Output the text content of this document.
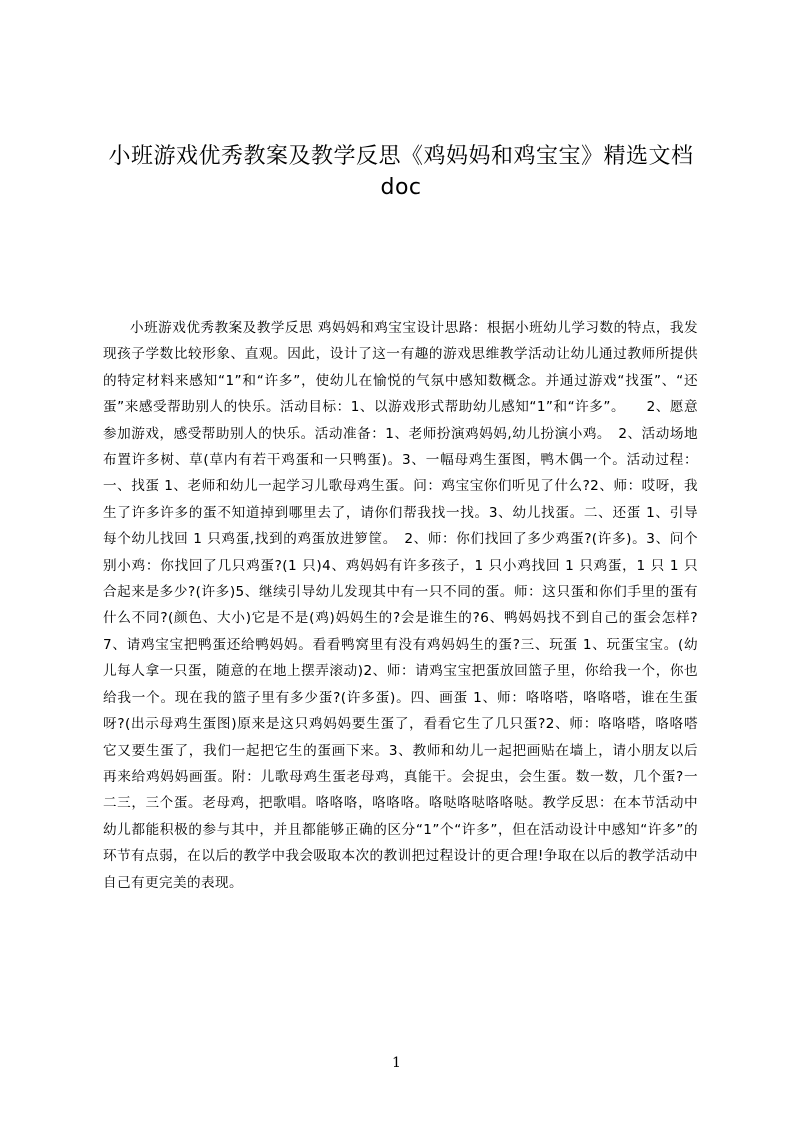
小班游戏优秀教案及教学反思《鸡妈妈和鸡宝宝》精选文档doc

小班游戏优秀教案及教学反思 鸡妈妈和鸡宝宝设计思路：根据小班幼儿学习数的特点，我发现孩子学数比较形象、直观。因此，设计了这一有趣的游戏思维教学活动让幼儿通过教师所提供的特定材料来感知“1”和“许多”，使幼儿在愉悦的气氛中感知数概念。并通过游戏“找蛋”、“还蛋”来感受帮助别人的快乐。活动目标：1、以游戏形式帮助幼儿感知“1”和“许多”。　　2、愿意参加游戏，感受帮助别人的快乐。活动准备：1、老师扮演鸡妈妈,幼儿扮演小鸡。　2、活动场地布置许多树、草(草内有若干鸡蛋和一只鸭蛋)。3、一幅母鸡生蛋图，鸭木偶一个。活动过程：一、找蛋 1、老师和幼儿一起学习儿歌母鸡生蛋。问：鸡宝宝你们听见了什么?2、师：哎呀，我生了许多许多的蛋不知道掉到哪里去了，请你们帮我找一找。3、幼儿找蛋。二、还蛋 1、引导每个幼儿找回 1 只鸡蛋,找到的鸡蛋放进箩筐。　2、师：你们找回了多少鸡蛋?(许多)。3、问个别小鸡：你找回了几只鸡蛋?(1 只)4、鸡妈妈有许多孩子，1 只小鸡找回 1 只鸡蛋，1 只 1 只合起来是多少?(许多)5、继续引导幼儿发现其中有一只不同的蛋。师：这只蛋和你们手里的蛋有什么不同?(颜色、大小)它是不是(鸡)妈妈生的?会是谁生的?6、鸭妈妈找不到自己的蛋会怎样?7、请鸡宝宝把鸭蛋还给鸭妈妈。看看鸭窝里有没有鸡妈妈生的蛋?三、玩蛋 1、玩蛋宝宝。(幼儿每人拿一只蛋，随意的在地上摆弄滚动)2、师：请鸡宝宝把蛋放回篮子里，你给我一个，你也给我一个。现在我的篮子里有多少蛋?(许多蛋)。四、画蛋 1、师：咯咯嗒，咯咯嗒，谁在生蛋呀?(出示母鸡生蛋图)原来是这只鸡妈妈要生蛋了，看看它生了几只蛋?2、师：咯咯嗒，咯咯嗒它又要生蛋了，我们一起把它生的蛋画下来。3、教师和幼儿一起把画贴在墙上，请小朋友以后再来给鸡妈妈画蛋。附：儿歌母鸡生蛋老母鸡，真能干。会捉虫，会生蛋。数一数，几个蛋?一二三，三个蛋。老母鸡，把歌唱。咯咯咯，咯咯咯。咯哒咯哒咯咯哒。教学反思：在本节活动中幼儿都能积极的参与其中，并且都能够正确的区分“1”个“许多”，但在活动设计中感知“许多”的环节有点弱，在以后的教学中我会吸取本次的教训把过程设计的更合理!争取在以后的教学活动中自己有更完美的表现。

1
